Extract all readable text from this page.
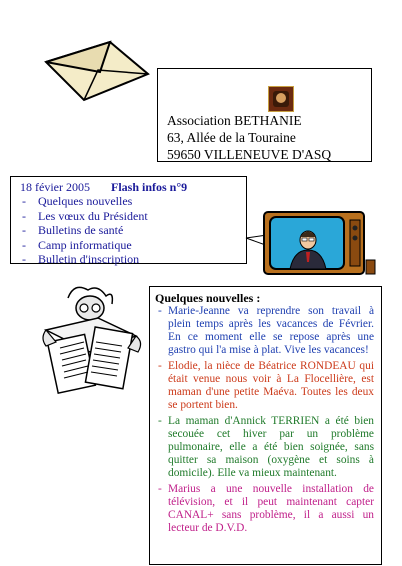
Association BETHANIE
63, Allée de la Touraine
59650 VILLENEUVE D'ASQ
18 févier 2005 Flash infos n°9
- Quelques nouvelles
- Les vœux du Président
- Bulletins de santé
- Camp informatique
- Bulletin d'inscription
Quelques nouvelles :
- Marie-Jeanne va reprendre son travail à plein temps après les vacances de Février. En ce moment elle se repose après une gastro qui l'a mise à plat. Vive les vacances!
- Elodie, la nièce de Béatrice RONDEAU qui était venue nous voir à La Flocellière, est maman d'une petite Maéva. Toutes les deux se portent bien.
- La maman d'Annick TERRIEN a été bien secouée cet hiver par un problème pulmonaire, elle a été bien soignée, sans quitter sa maison (oxygène et soins à domicile). Elle va mieux maintenant.
- Marius a une nouvelle installation de télévision, et il peut maintenant capter CANAL+ sans problème, il a aussi un lecteur de D.V.D.
